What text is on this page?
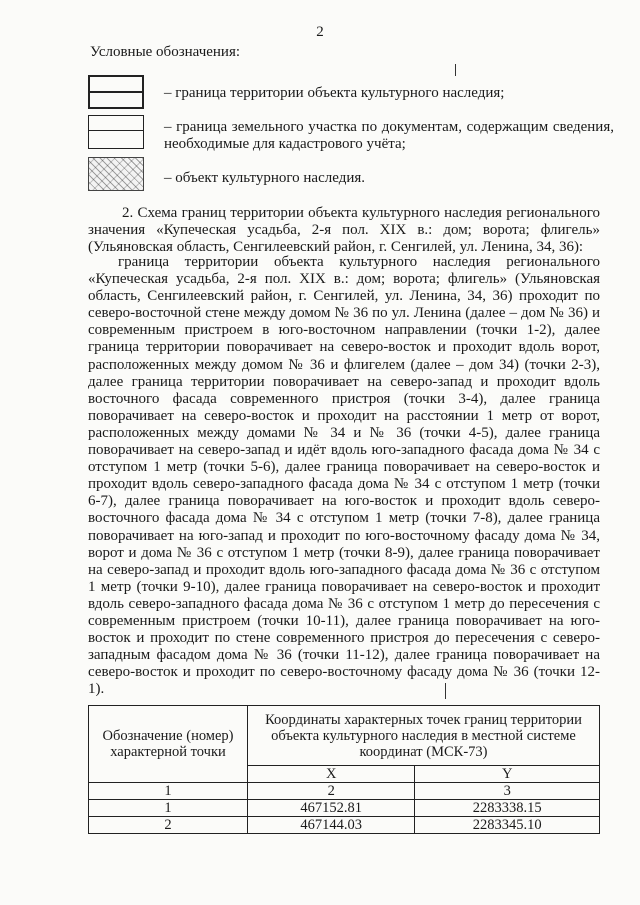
2
Условные обозначения:
– граница территории объекта культурного наследия;
– граница земельного участка по документам, содержащим сведения, необходимые для кадастрового учёта;
– объект культурного наследия.
2. Схема границ территории объекта культурного наследия регионального значения «Купеческая усадьба, 2-я пол. XIX в.: дом; ворота; флигель» (Ульяновская область, Сенгилеевский район, г. Сенгилей, ул. Ленина, 34, 36):
граница территории объекта культурного наследия регионального «Купеческая усадьба, 2-я пол. XIX в.: дом; ворота; флигель» (Ульяновская область, Сенгилеевский район, г. Сенгилей, ул. Ленина, 34, 36) проходит по северо-восточной стене между домом № 36 по ул. Ленина (далее – дом № 36) и современным пристроем в юго-восточном направлении (точки 1-2), далее граница территории поворачивает на северо-восток и проходит вдоль ворот, расположенных между домом № 36 и флигелем (далее – дом 34) (точки 2-3), далее граница территории поворачивает на северо-запад и проходит вдоль восточного фасада современного пристроя (точки 3-4), далее граница поворачивает на северо-восток и проходит на расстоянии 1 метр от ворот, расположенных между домами № 34 и № 36 (точки 4-5), далее граница поворачивает на северо-запад и идёт вдоль юго-западного фасада дома № 34 с отступом 1 метр (точки 5-6), далее граница поворачивает на северо-восток и проходит вдоль северо-западного фасада дома № 34 с отступом 1 метр (точки 6-7), далее граница поворачивает на юго-восток и проходит вдоль северо-восточного фасада дома № 34 с отступом 1 метр (точки 7-8), далее граница поворачивает на юго-запад и проходит по юго-восточному фасаду дома № 34, ворот и дома № 36 с отступом 1 метр (точки 8-9), далее граница поворачивает на северо-запад и проходит вдоль юго-западного фасада дома № 36 с отступом 1 метр (точки 9-10), далее граница поворачивает на северо-восток и проходит вдоль северо-западного фасада дома № 36 с отступом 1 метр до пересечения с современным пристроем (точки 10-11), далее граница поворачивает на юго-восток и проходит по стене современного пристроя до пересечения с северо-западным фасадом дома № 36 (точки 11-12), далее граница поворачивает на северо-восток и проходит по северо-восточному фасаду дома № 36 (точки 12-1).
Обозначение (номер) характерной точки	Координаты характерных точек границ территории объекта культурного наследия в местной системе координат (МСК-73)	
	X	Y
1	2	3
1	467152.81	2283338.15
2	467144.03	2283345.10
